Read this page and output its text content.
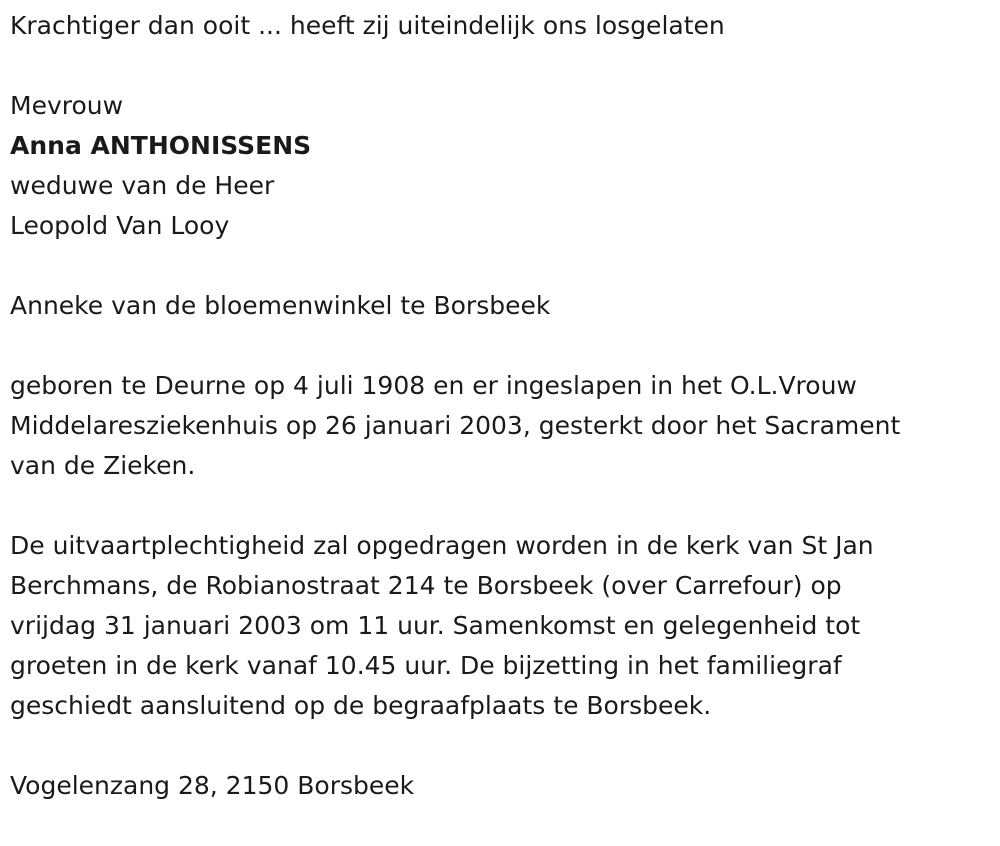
Krachtiger dan ooit ... heeft zij uiteindelijk ons losgelaten

Mevrouw

Anna ANTHONISSENS

weduwe van de Heer

Leopold Van Looy

Anneke van de bloemenwinkel te Borsbeek

geboren te Deurne op 4 juli 1908 en er ingeslapen in het O.L.Vrouw

Middelaresziekenhuis op 26 januari 2003, gesterkt door het Sacrament

van de Zieken.

De uitvaartplechtigheid zal opgedragen worden in de kerk van St Jan

Berchmans, de Robianostraat 214 te Borsbeek (over Carrefour) op

vrijdag 31 januari 2003 om 11 uur. Samenkomst en gelegenheid tot

groeten in de kerk vanaf 10.45 uur. De bijzetting in het familiegraf

geschiedt aansluitend op de begraafplaats te Borsbeek.

Vogelenzang 28, 2150 Borsbeek
